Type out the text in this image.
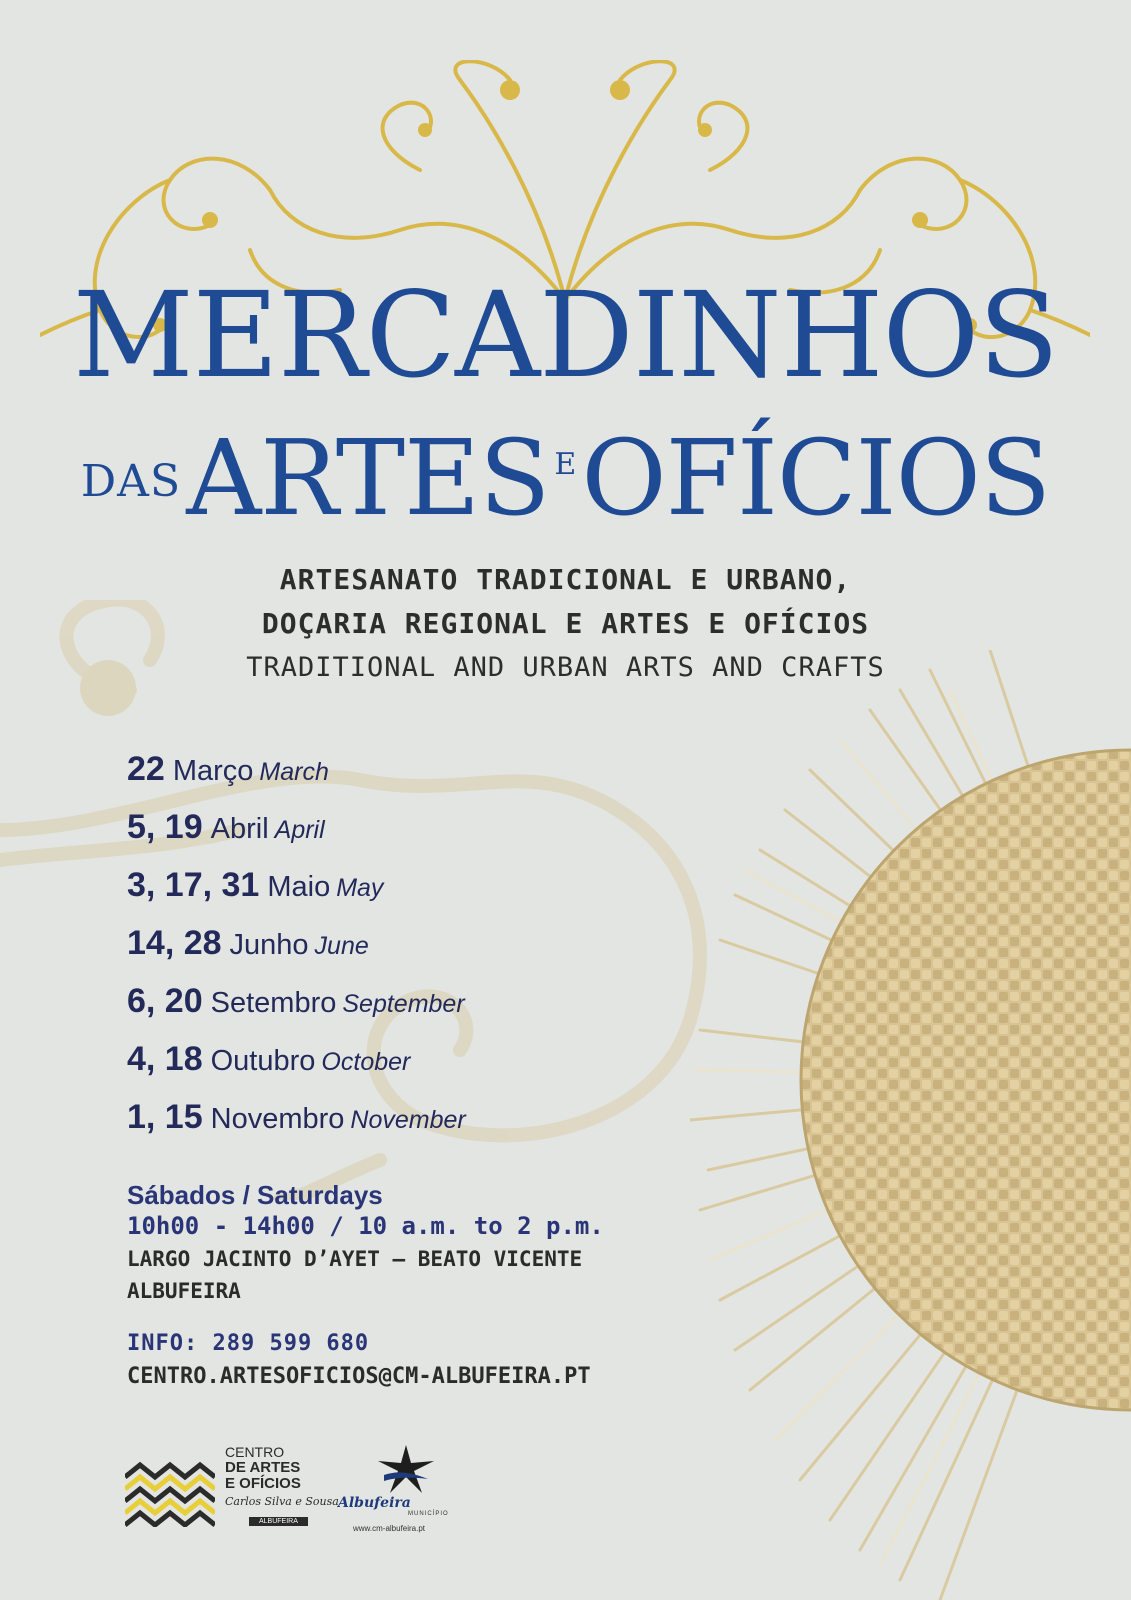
MERCADINHOS
DAS ARTES E OFÍCIOS
ARTESANATO TRADICIONAL E URBANO,
DOÇARIA REGIONAL E ARTES E OFÍCIOS
TRADITIONAL AND URBAN ARTS AND CRAFTS
22 Março March
5, 19 Abril April
3, 17, 31 Maio May
14, 28 Junho June
6, 20 Setembro September
4, 18 Outubro October
1, 15 Novembro November
Sábados / Saturdays
10h00 - 14h00 / 10 a.m. to 2 p.m.
LARGO JACINTO D’AYET – BEATO VICENTE
ALBUFEIRA
INFO: 289 599 680
CENTRO.ARTESOFICIOS@CM-ALBUFEIRA.PT
CENTRO
DE ARTES
E OFÍCIOS
Carlos Silva e Sousa
ALBUFEIRA
Albufeira
MUNICÍPIO
www.cm-albufeira.pt
